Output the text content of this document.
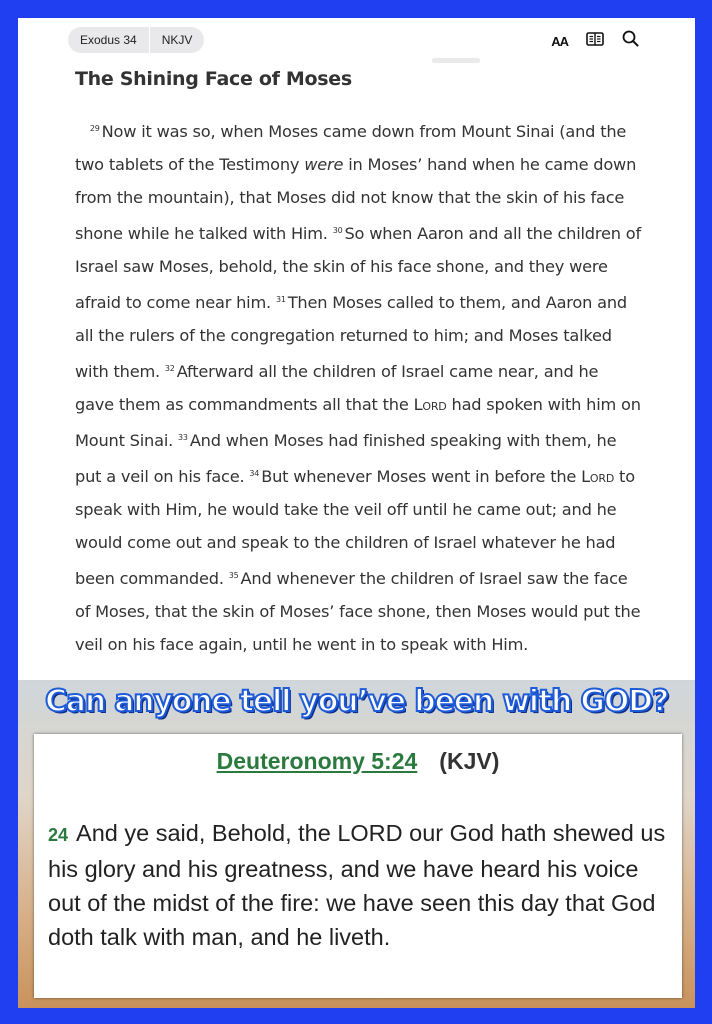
Exodus 34	NKJV	AA
The Shining Face of Moses
$^{29}$ Now it was so, when Moses came down from Mount Sinai (and the two tablets of the Testimony were in Moses’ hand when he came down from the mountain), that Moses did not know that the skin of his face shone while he talked with Him. $^{30}$ So when Aaron and all the children of Israel saw Moses, behold, the skin of his face shone, and they were afraid to come near him. $^{31}$ Then Moses called to them, and Aaron and all the rulers of the congregation returned to him; and Moses talked with them. $^{32}$ Afterward all the children of Israel came near, and he gave them as commandments all that the Lord had spoken with him on Mount Sinai. $^{33}$ And when Moses had finished speaking with them, he put a veil on his face. $^{34}$ But whenever Moses went in before the Lord to speak with Him, he would take the veil off until he came out; and he would come out and speak to the children of Israel whatever he had been commanded. $^{35}$ And whenever the children of Israel saw the face of Moses, that the skin of Moses’ face shone, then Moses would put the veil on his face again, until he went in to speak with Him.
Can anyone tell you’ve been with GOD?
Deuteronomy 5:24 (KJV)
24 And ye said, Behold, the LORD our God hath shewed us his glory and his greatness, and we have heard his voice out of the midst of the fire: we have seen this day that God doth talk with man, and he liveth.
